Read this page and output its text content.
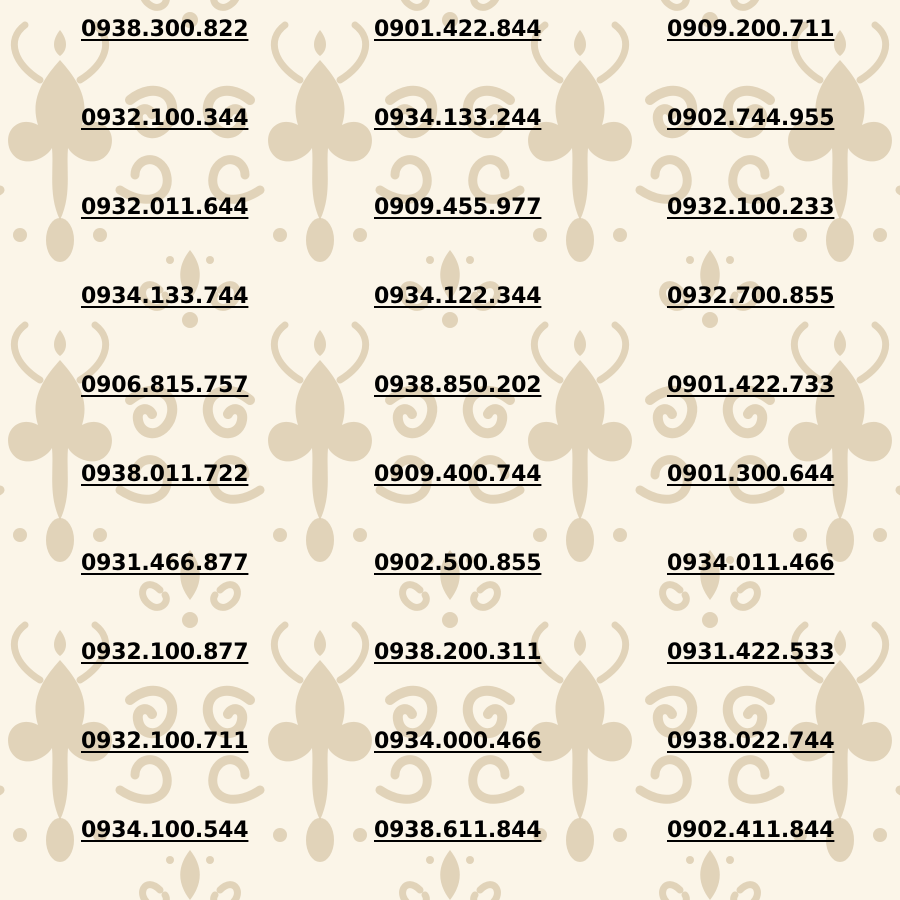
0938.300.822	0901.422.844	0909.200.711
0932.100.344	0934.133.244	0902.744.955
0932.011.644	0909.455.977	0932.100.233
0934.133.744	0934.122.344	0932.700.855
0906.815.757	0938.850.202	0901.422.733
0938.011.722	0909.400.744	0901.300.644
0931.466.877	0902.500.855	0934.011.466
0932.100.877	0938.200.311	0931.422.533
0932.100.711	0934.000.466	0938.022.744
0934.100.544	0938.611.844	0902.411.844
